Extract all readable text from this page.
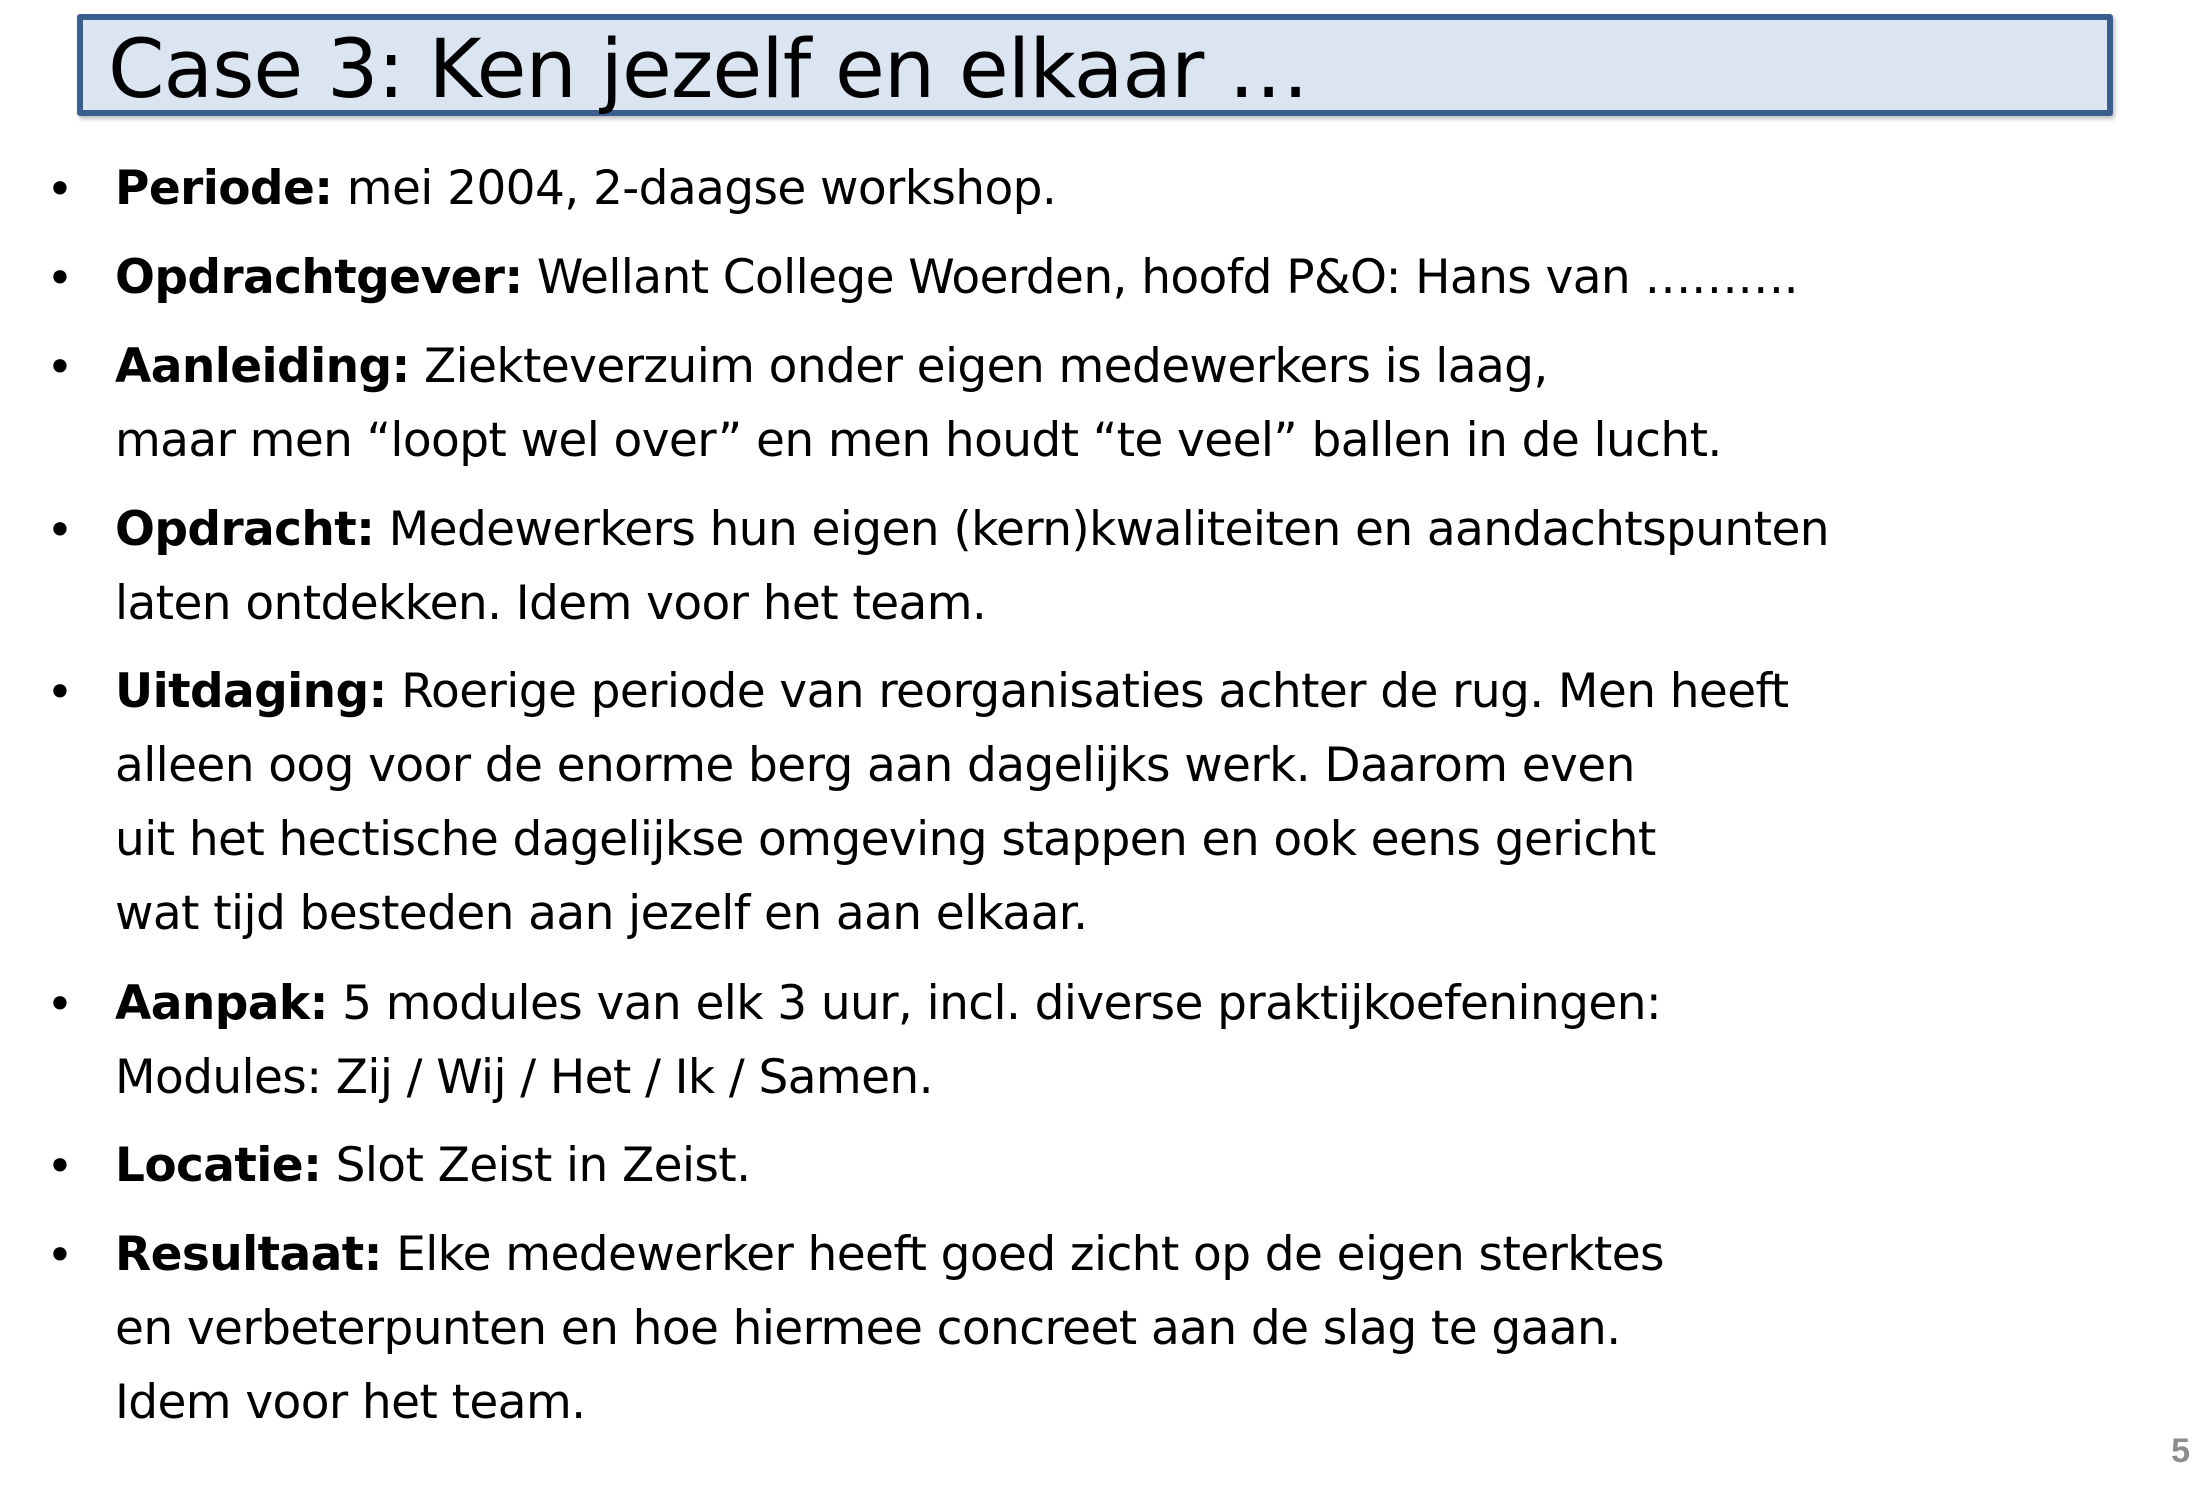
Case 3: Ken jezelf en elkaar …
• Periode: mei 2004, 2-daagse workshop.
• Opdrachtgever: Wellant College Woerden, hoofd P&O: Hans van ……….
• Aanleiding: Ziekteverzuim onder eigen medewerkers is laag,
maar men “loopt wel over” en men houdt “te veel” ballen in de lucht.
• Opdracht: Medewerkers hun eigen (kern)kwaliteiten en aandachtspunten
laten ontdekken. Idem voor het team.
• Uitdaging: Roerige periode van reorganisaties achter de rug. Men heeft
alleen oog voor de enorme berg aan dagelijks werk. Daarom even
uit het hectische dagelijkse omgeving stappen en ook eens gericht
wat tijd besteden aan jezelf en aan elkaar.
• Aanpak: 5 modules van elk 3 uur, incl. diverse praktijkoefeningen:
Modules: Zij / Wij / Het / Ik / Samen.
• Locatie: Slot Zeist in Zeist.
• Resultaat: Elke medewerker heeft goed zicht op de eigen sterktes
en verbeterpunten en hoe hiermee concreet aan de slag te gaan.
Idem voor het team.
5
